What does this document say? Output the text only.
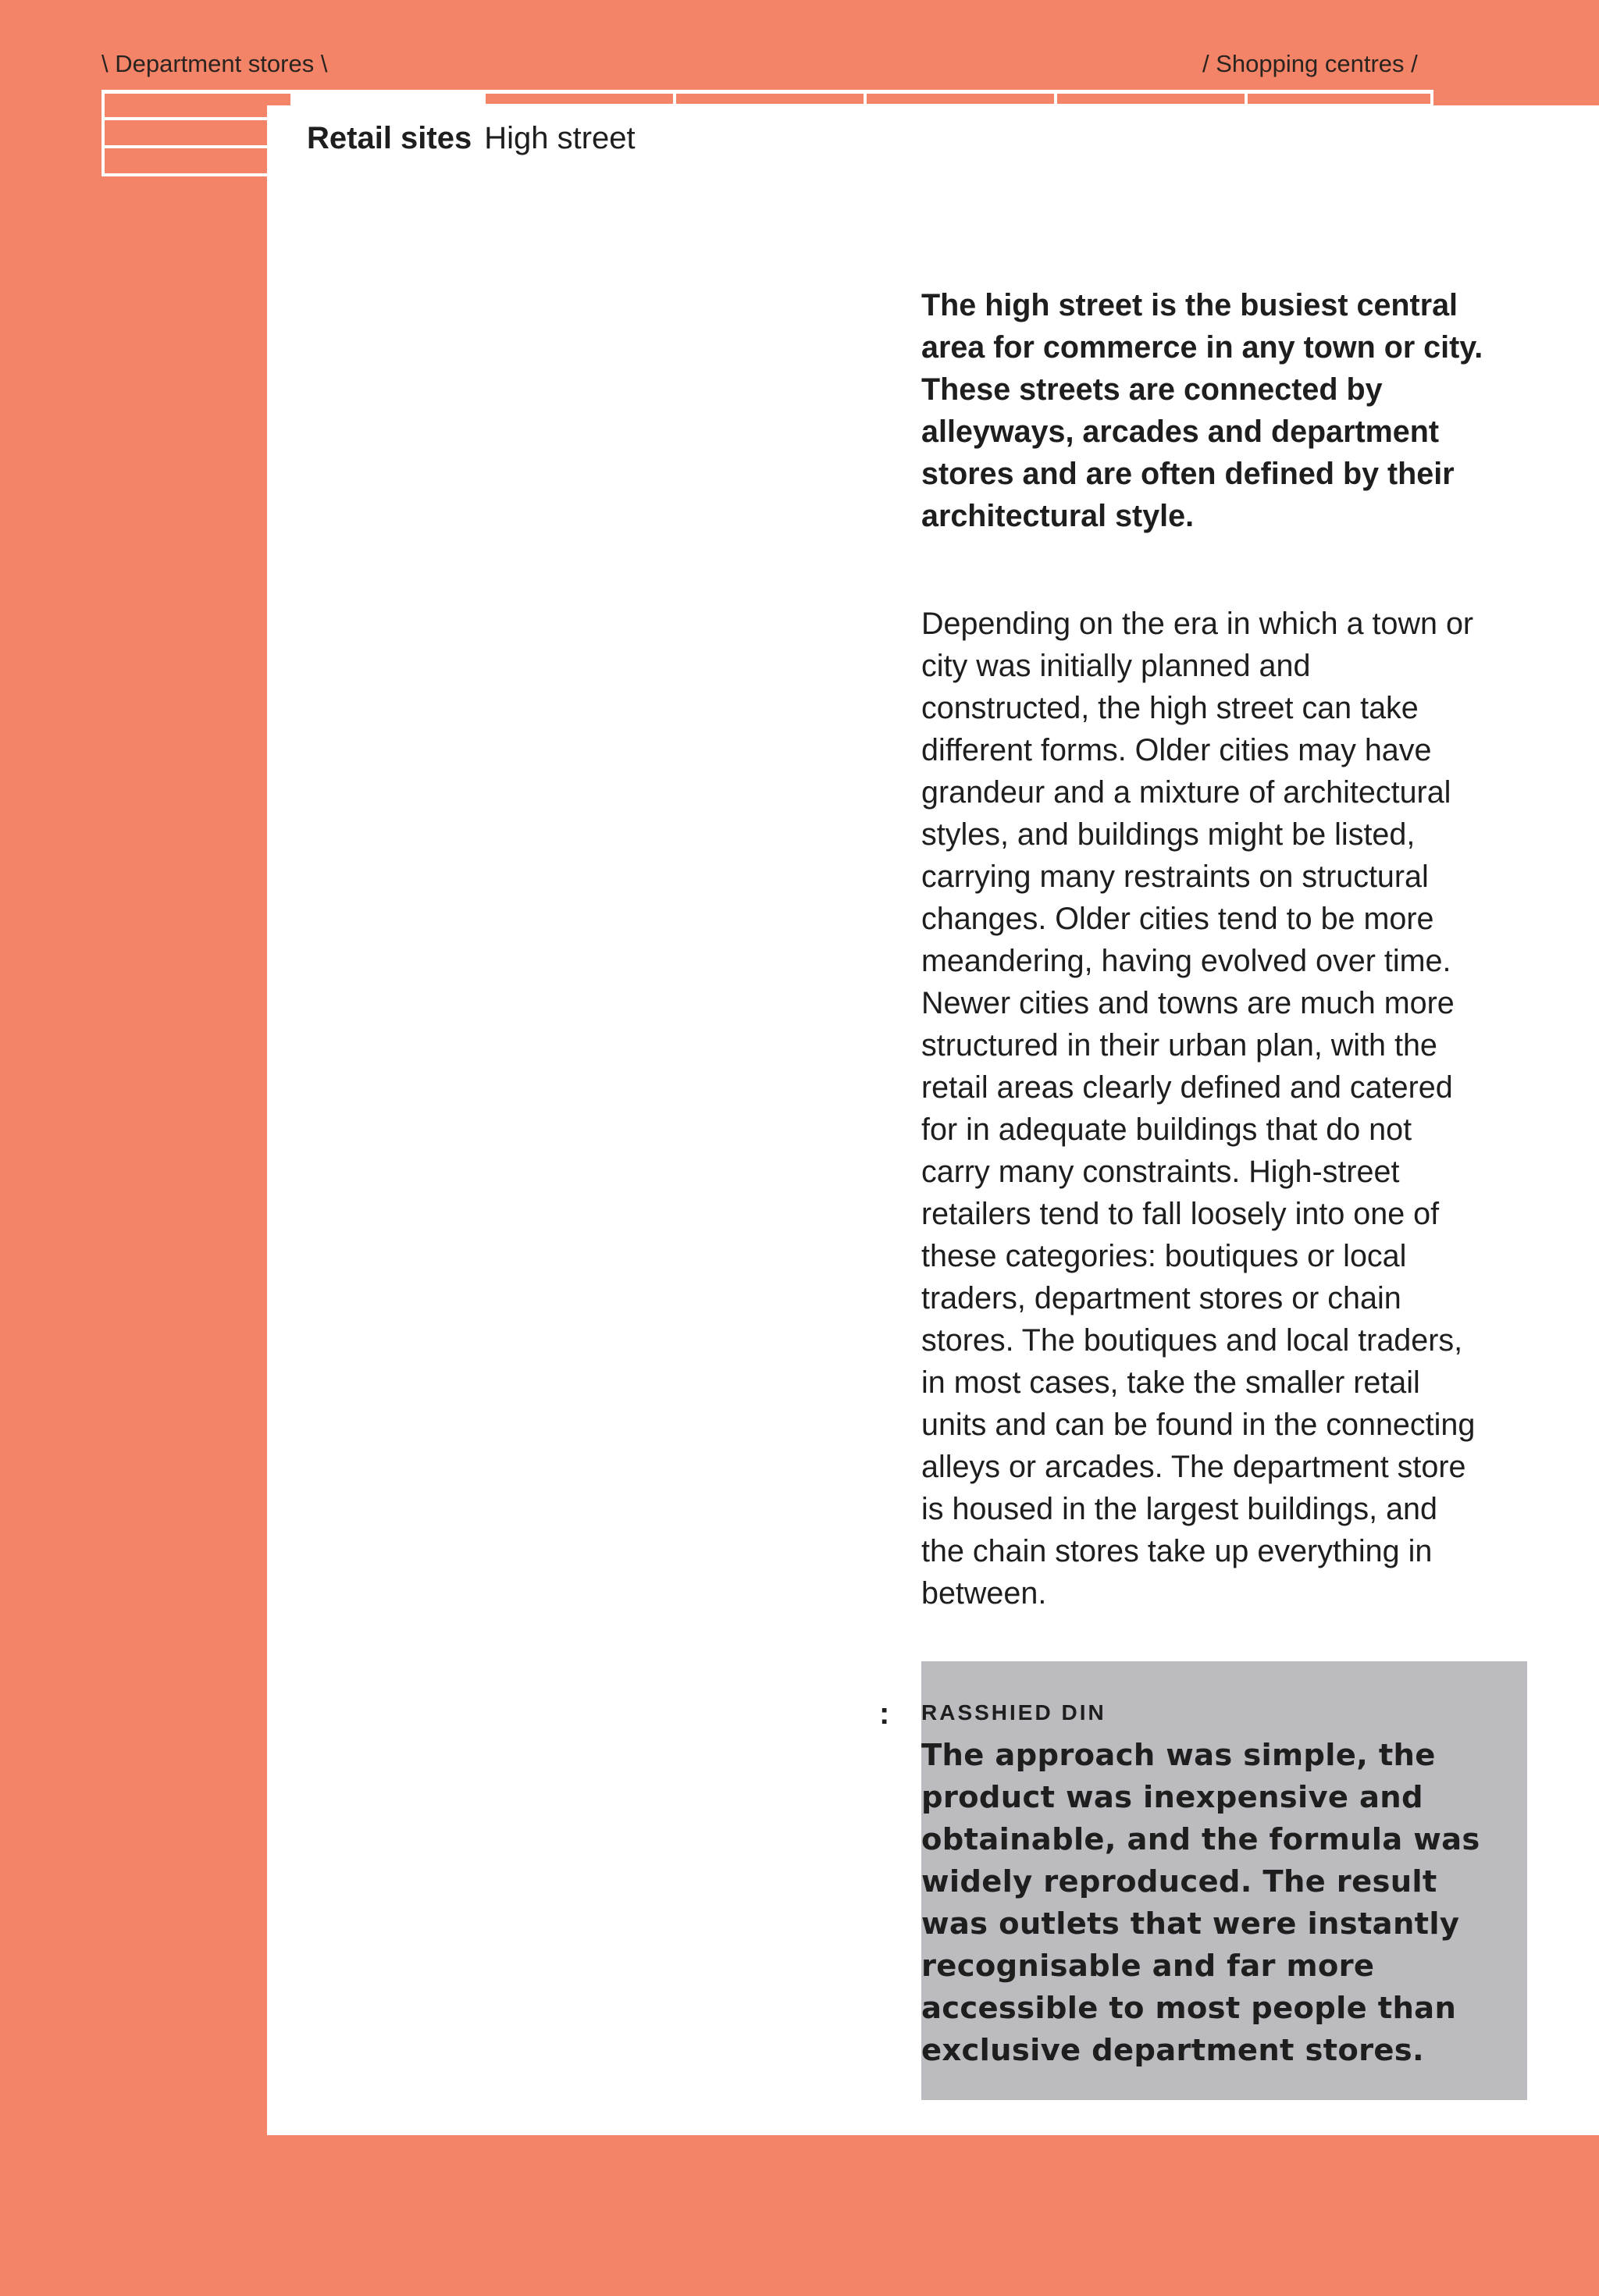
\ Department stores \	/ Shopping centres /
Retail sites High street
The high street is the busiest central area for commerce in any town or city. These streets are connected by alleyways, arcades and department stores and are often defined by their architectural style.
Depending on the era in which a town or city was initially planned and constructed, the high street can take different forms. Older cities may have grandeur and a mixture of architectural styles, and buildings might be listed, carrying many restraints on structural changes. Older cities tend to be more meandering, having evolved over time. Newer cities and towns are much more structured in their urban plan, with the retail areas clearly defined and catered for in adequate buildings that do not carry many constraints. High-street retailers tend to fall loosely into one of these categories: boutiques or local traders, department stores or chain stores. The boutiques and local traders, in most cases, take the smaller retail units and can be found in the connecting alleys or arcades. The department store is housed in the largest buildings, and the chain stores take up everything in between.
: RASSHIED DIN
The approach was simple, the product was inexpensive and obtainable, and the formula was widely reproduced. The result was outlets that were instantly recognisable and far more accessible to most people than exclusive department stores.
